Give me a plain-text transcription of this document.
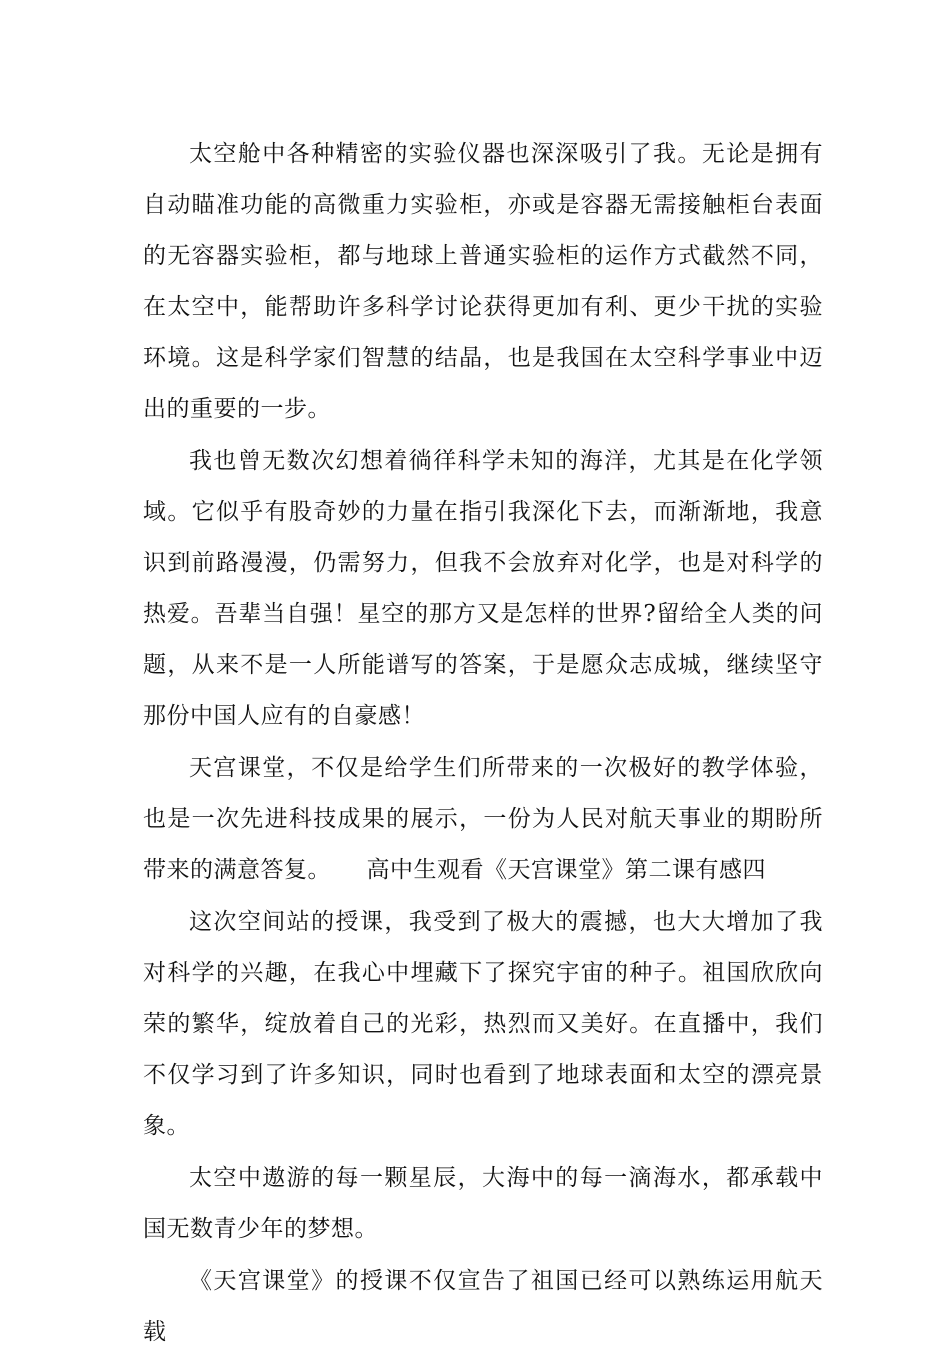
太空舱中各种精密的实验仪器也深深吸引了我。无论是拥有自动瞄准功能的高微重力实验柜，亦或是容器无需接触柜台表面的无容器实验柜，都与地球上普通实验柜的运作方式截然不同，在太空中，能帮助许多科学讨论获得更加有利、更少干扰的实验环境。这是科学家们智慧的结晶，也是我国在太空科学事业中迈出的重要的一步。

我也曾无数次幻想着徜徉科学未知的海洋，尤其是在化学领域。它似乎有股奇妙的力量在指引我深化下去，而渐渐地，我意识到前路漫漫，仍需努力，但我不会放弃对化学，也是对科学的热爱。吾辈当自强！星空的那方又是怎样的世界?留给全人类的问题，从来不是一人所能谱写的答案，于是愿众志成城，继续坚守那份中国人应有的自豪感！

天宫课堂，不仅是给学生们所带来的一次极好的教学体验，也是一次先进科技成果的展示，一份为人民对航天事业的期盼所带来的满意答复。　　高中生观看《天宫课堂》第二课有感四

这次空间站的授课，我受到了极大的震撼，也大大增加了我对科学的兴趣，在我心中埋藏下了探究宇宙的种子。祖国欣欣向荣的繁华，绽放着自己的光彩，热烈而又美好。在直播中，我们不仅学习到了许多知识，同时也看到了地球表面和太空的漂亮景象。

太空中遨游的每一颗星辰，大海中的每一滴海水，都承载中国无数青少年的梦想。

《天宫课堂》的授课不仅宣告了祖国已经可以熟练运用航天载
